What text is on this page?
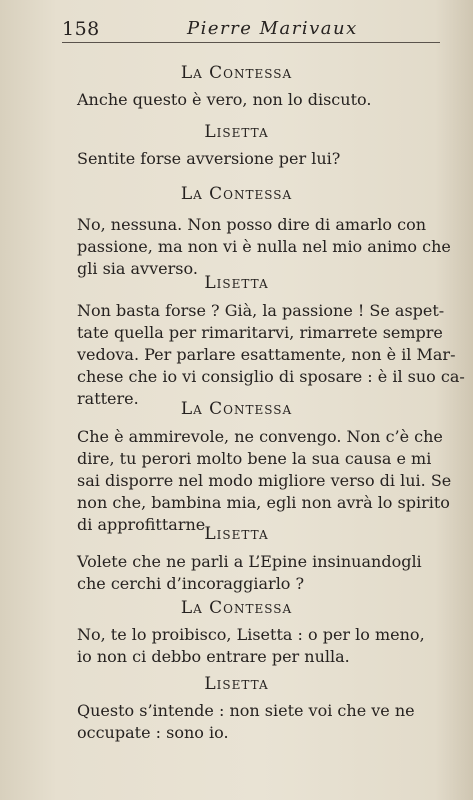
158	Pierre Marivaux
La Contessa
Anche questo è vero, non lo discuto.
Lisetta
Sentite forse avversione per lui?
La Contessa
No, nessuna. Non posso dire di amarlo con
passione, ma non vi è nulla nel mio animo che
gli sia avverso.
Lisetta
Non basta forse ? Già, la passione ! Se aspet-
tate quella per rimaritarvi, rimarrete sempre
vedova. Per parlare esattamente, non è il Mar-
chese che io vi consiglio di sposare : è il suo ca-
rattere.
La Contessa
Che è ammirevole, ne convengo. Non c’è che
dire, tu perori molto bene la sua causa e mi
sai disporre nel modo migliore verso di lui. Se
non che, bambina mia, egli non avrà lo spirito
di approfittarne.
Lisetta
Volete che ne parli a L’Epine insinuandogli
che cerchi d’incoraggiarlo ?
La Contessa
No, te lo proibisco, Lisetta : o per lo meno,
io non ci debbo entrare per nulla.
Lisetta
Questo s’intende : non siete voi che ve ne
occupate : sono io.
